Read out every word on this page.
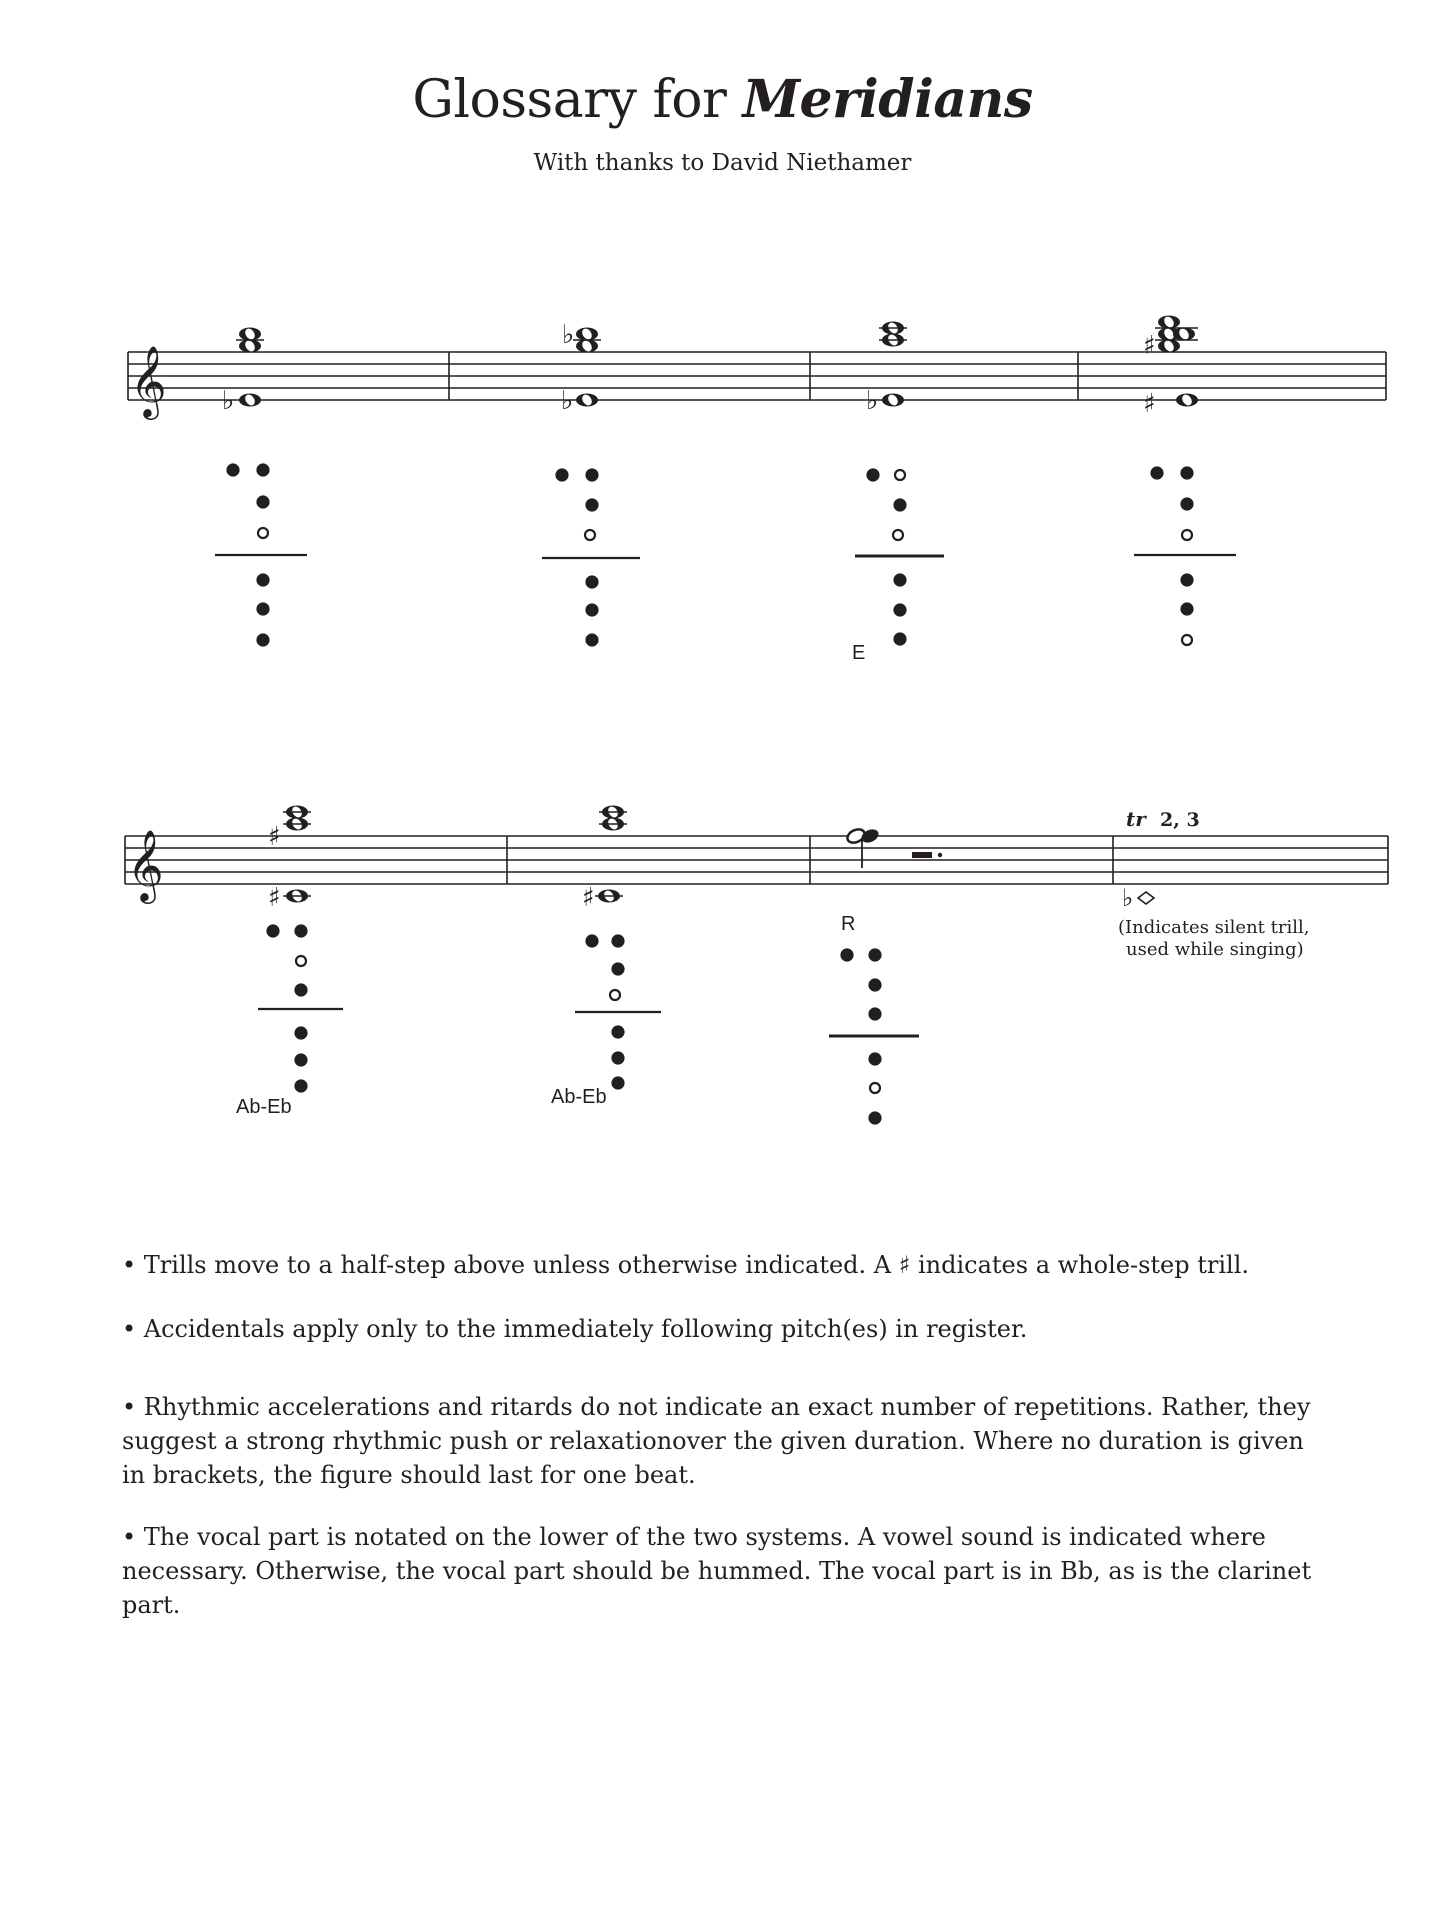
Glossary for Meridians
With thanks to David Niethamer
𝄞 ♭
♭
♭	♭
♯
♯
𝄞	♯
♯	♯
tr 2, 3
♭
(Indicates silent trill,
used while singing)
E
Ab-Eb	Ab-Eb
R

• Trills move to a half-step above unless otherwise indicated. A ♯ indicates a whole-step trill.

• Accidentals apply only to the immediately following pitch(es) in register.

• Rhythmic accelerations and ritards do not indicate an exact number of repetitions. Rather, they suggest a strong rhythmic push or relaxationover the given duration. Where no duration is given in brackets, the figure should last for one beat.

• The vocal part is notated on the lower of the two systems. A vowel sound is indicated where necessary. Otherwise, the vocal part should be hummed. The vocal part is in Bb, as is the clarinet part.
